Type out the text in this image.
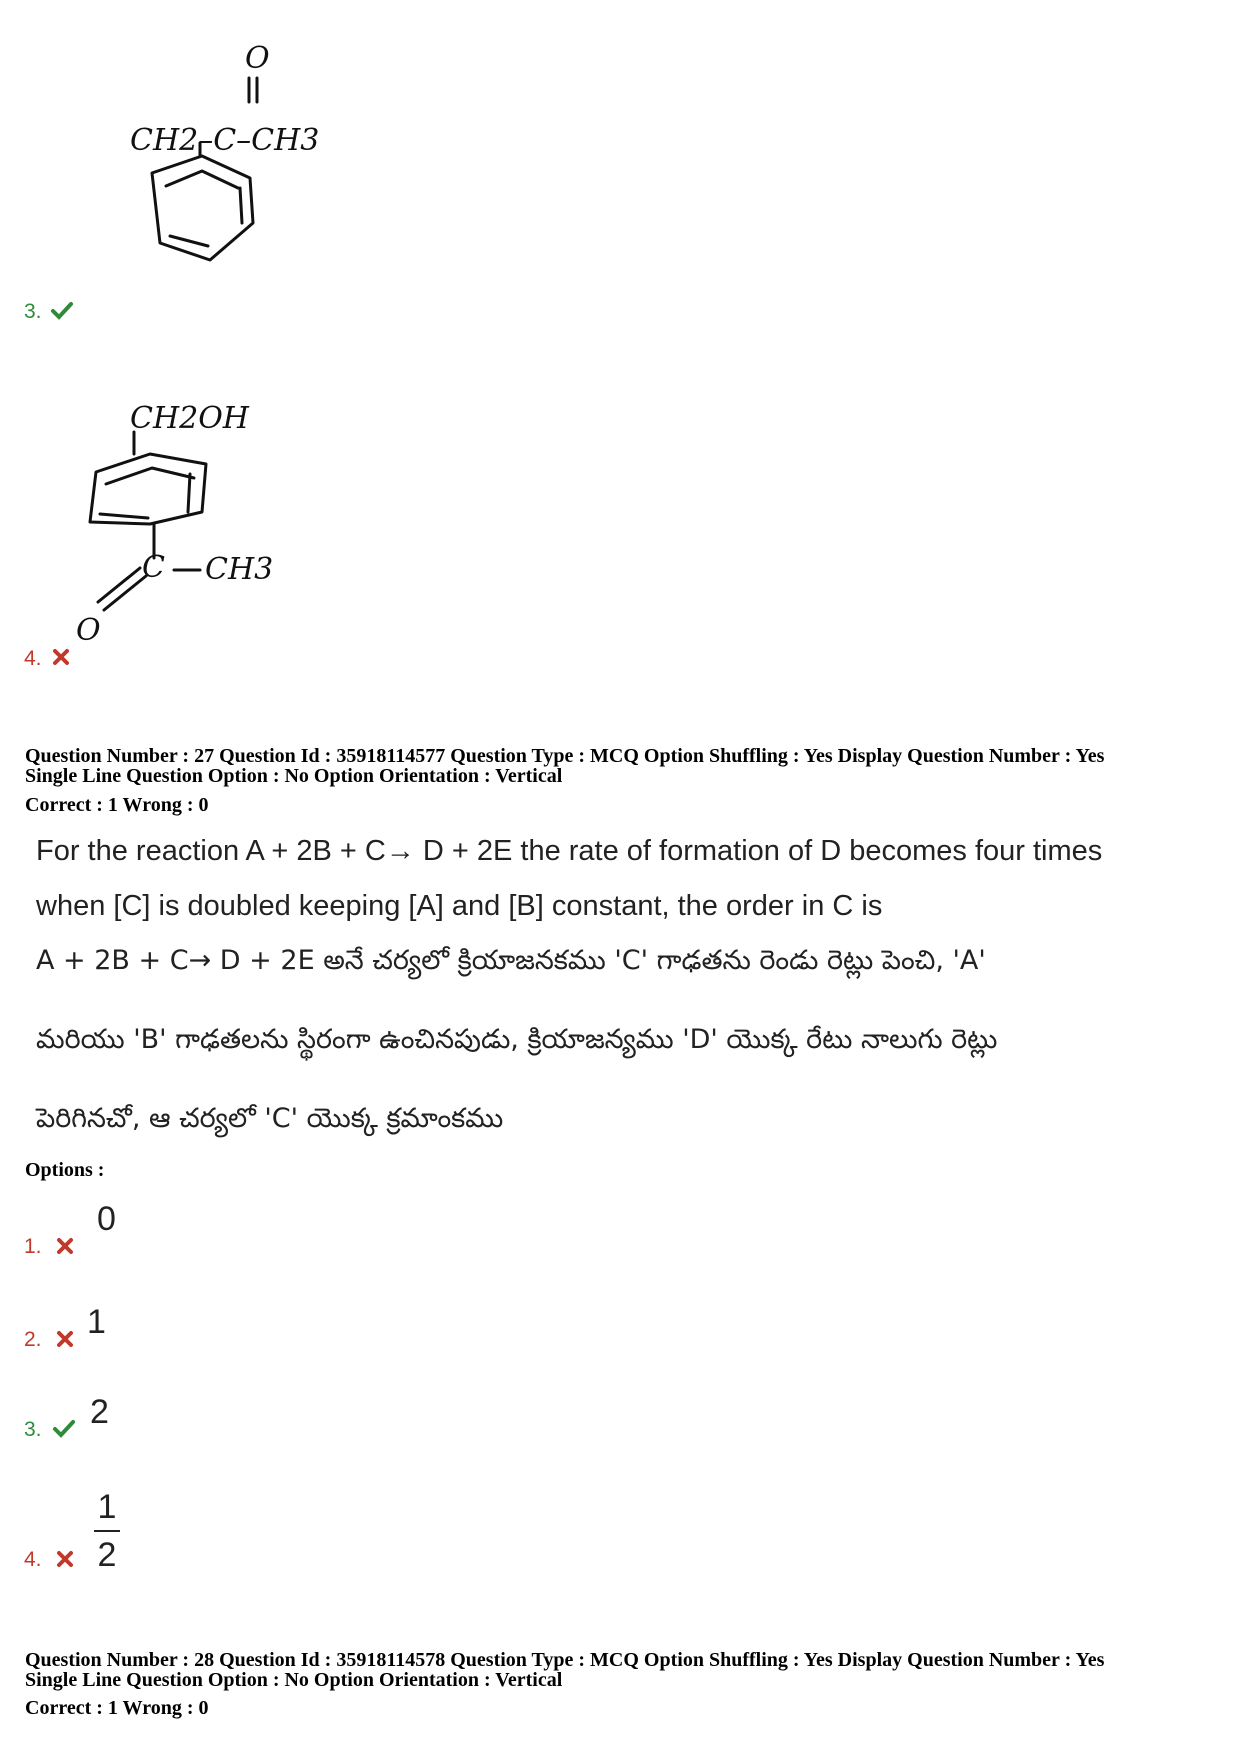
O
CH2–C–CH3
3.
CH2OH
C CH3
O
4.
Question Number : 27 Question Id : 35918114577 Question Type : MCQ Option Shuffling : Yes Display Question Number : Yes
Single Line Question Option : No Option Orientation : Vertical
Correct : 1 Wrong : 0
For the reaction A + 2B + C→ D + 2E the rate of formation of D becomes four times
when [C] is doubled keeping [A] and [B] constant, the order in C is
A + 2B + C→ D + 2E అనే చర్యలో క్రియాజనకము 'C' గాఢతను రెండు రెట్లు పెంచి, 'A'
మరియు 'B' గాఢతలను స్థిరంగా ఉంచినపుడు, క్రియాజన్యము 'D' యొక్క రేటు నాలుగు రెట్లు
పెరిగినచో, ఆ చర్యలో 'C' యొక్క క్రమాంకము
Options :
1.
0
2. 1
3. 2
4.
1
2
Question Number : 28 Question Id : 35918114578 Question Type : MCQ Option Shuffling : Yes Display Question Number : Yes
Single Line Question Option : No Option Orientation : Vertical
Correct : 1 Wrong : 0
